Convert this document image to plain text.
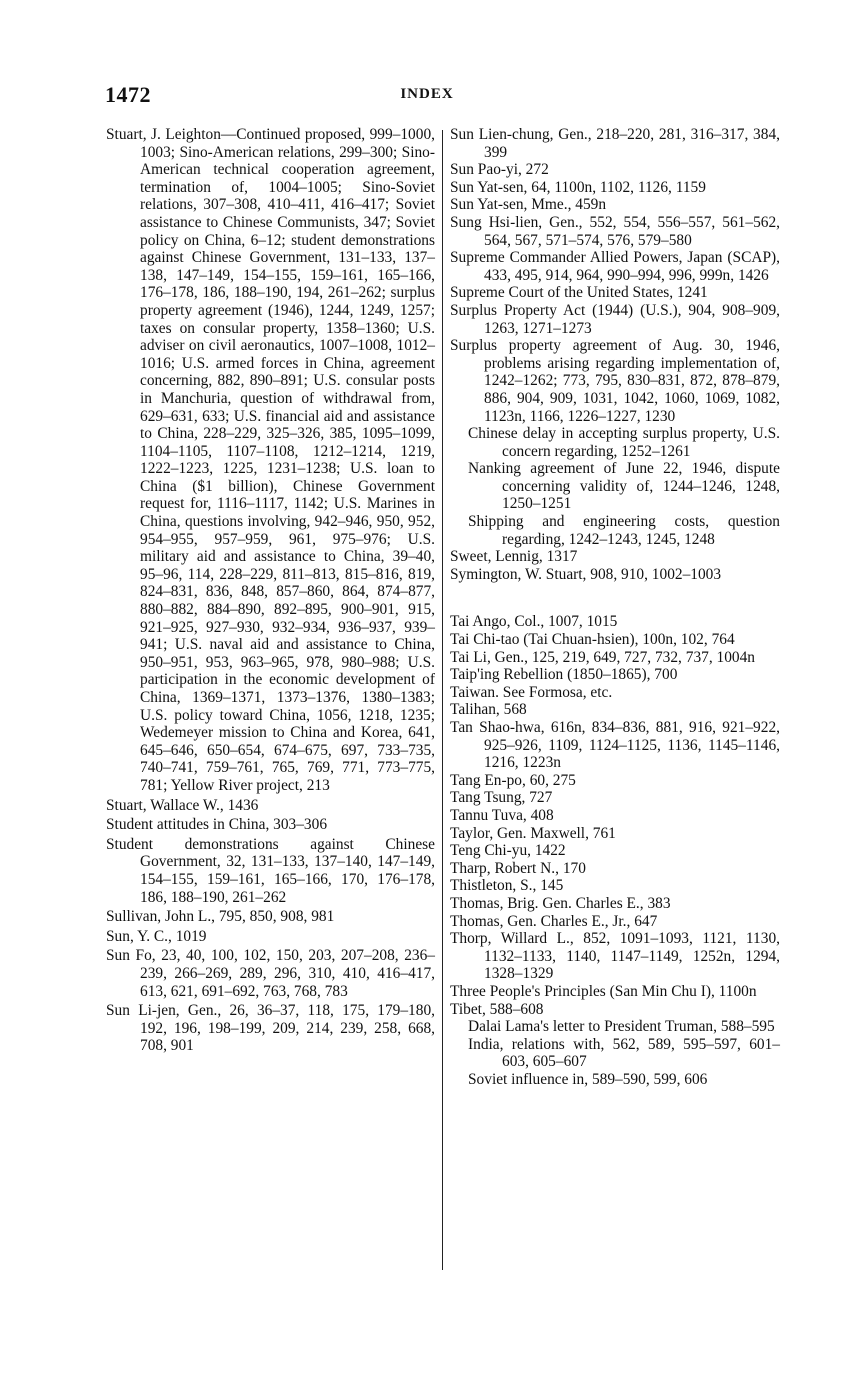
1472	INDEX

Stuart, J. Leighton—Continued proposed, 999–1000, 1003; Sino-American relations, 299–300; Sino-American technical cooperation agreement, termination of, 1004–1005; Sino-Soviet relations, 307–308, 410–411, 416–417; Soviet assistance to Chinese Communists, 347; Soviet policy on China, 6–12; student demonstrations against Chinese Government, 131–133, 137–138, 147–149, 154–155, 159–161, 165–166, 176–178, 186, 188–190, 194, 261–262; surplus property agreement (1946), 1244, 1249, 1257; taxes on consular property, 1358–1360; U.S. adviser on civil aeronautics, 1007–1008, 1012–1016; U.S. armed forces in China, agreement concerning, 882, 890–891; U.S. consular posts in Manchuria, question of withdrawal from, 629–631, 633; U.S. financial aid and assistance to China, 228–229, 325–326, 385, 1095–1099, 1104–1105, 1107–1108, 1212–1214, 1219, 1222–1223, 1225, 1231–1238; U.S. loan to China ($1 billion), Chinese Government request for, 1116–1117, 1142; U.S. Marines in China, questions involving, 942–946, 950, 952, 954–955, 957–959, 961, 975–976; U.S. military aid and assistance to China, 39–40, 95–96, 114, 228–229, 811–813, 815–816, 819, 824–831, 836, 848, 857–860, 864, 874–877, 880–882, 884–890, 892–895, 900–901, 915, 921–925, 927–930, 932–934, 936–937, 939–941; U.S. naval aid and assistance to China, 950–951, 953, 963–965, 978, 980–988; U.S. participation in the economic development of China, 1369–1371, 1373–1376, 1380–1383; U.S. policy toward China, 1056, 1218, 1235; Wedemeyer mission to China and Korea, 641, 645–646, 650–654, 674–675, 697, 733–735, 740–741, 759–761, 765, 769, 771, 773–775, 781; Yellow River project, 213

Stuart, Wallace W., 1436

Student attitudes in China, 303–306

Student demonstrations against Chinese Government, 32, 131–133, 137–140, 147–149, 154–155, 159–161, 165–166, 170, 176–178, 186, 188–190, 261–262

Sullivan, John L., 795, 850, 908, 981

Sun, Y. C., 1019

Sun Fo, 23, 40, 100, 102, 150, 203, 207–208, 236–239, 266–269, 289, 296, 310, 410, 416–417, 613, 621, 691–692, 763, 768, 783

Sun Li-jen, Gen., 26, 36–37, 118, 175, 179–180, 192, 196, 198–199, 209, 214, 239, 258, 668, 708, 901

Sun Lien-chung, Gen., 218–220, 281, 316–317, 384, 399

Sun Pao-yi, 272

Sun Yat-sen, 64, 1100n, 1102, 1126, 1159

Sun Yat-sen, Mme., 459n

Sung Hsi-lien, Gen., 552, 554, 556–557, 561–562, 564, 567, 571–574, 576, 579–580

Supreme Commander Allied Powers, Japan (SCAP), 433, 495, 914, 964, 990–994, 996, 999n, 1426

Supreme Court of the United States, 1241

Surplus Property Act (1944) (U.S.), 904, 908–909, 1263, 1271–1273

Surplus property agreement of Aug. 30, 1946, problems arising regarding implementation of, 1242–1262; 773, 795, 830–831, 872, 878–879, 886, 904, 909, 1031, 1042, 1060, 1069, 1082, 1123n, 1166, 1226–1227, 1230

Chinese delay in accepting surplus property, U.S. concern regarding, 1252–1261

Nanking agreement of June 22, 1946, dispute concerning validity of, 1244–1246, 1248, 1250–1251

Shipping and engineering costs, question regarding, 1242–1243, 1245, 1248

Sweet, Lennig, 1317

Symington, W. Stuart, 908, 910, 1002–1003

Tai Ango, Col., 1007, 1015

Tai Chi-tao (Tai Chuan-hsien), 100n, 102, 764

Tai Li, Gen., 125, 219, 649, 727, 732, 737, 1004n

Taip'ing Rebellion (1850–1865), 700

Taiwan. See Formosa, etc.

Talihan, 568

Tan Shao-hwa, 616n, 834–836, 881, 916, 921–922, 925–926, 1109, 1124–1125, 1136, 1145–1146, 1216, 1223n

Tang En-po, 60, 275

Tang Tsung, 727

Tannu Tuva, 408

Taylor, Gen. Maxwell, 761

Teng Chi-yu, 1422

Tharp, Robert N., 170

Thistleton, S., 145

Thomas, Brig. Gen. Charles E., 383

Thomas, Gen. Charles E., Jr., 647

Thorp, Willard L., 852, 1091–1093, 1121, 1130, 1132–1133, 1140, 1147–1149, 1252n, 1294, 1328–1329

Three People's Principles (San Min Chu I), 1100n

Tibet, 588–608

Dalai Lama's letter to President Truman, 588–595

India, relations with, 562, 589, 595–597, 601–603, 605–607

Soviet influence in, 589–590, 599, 606
